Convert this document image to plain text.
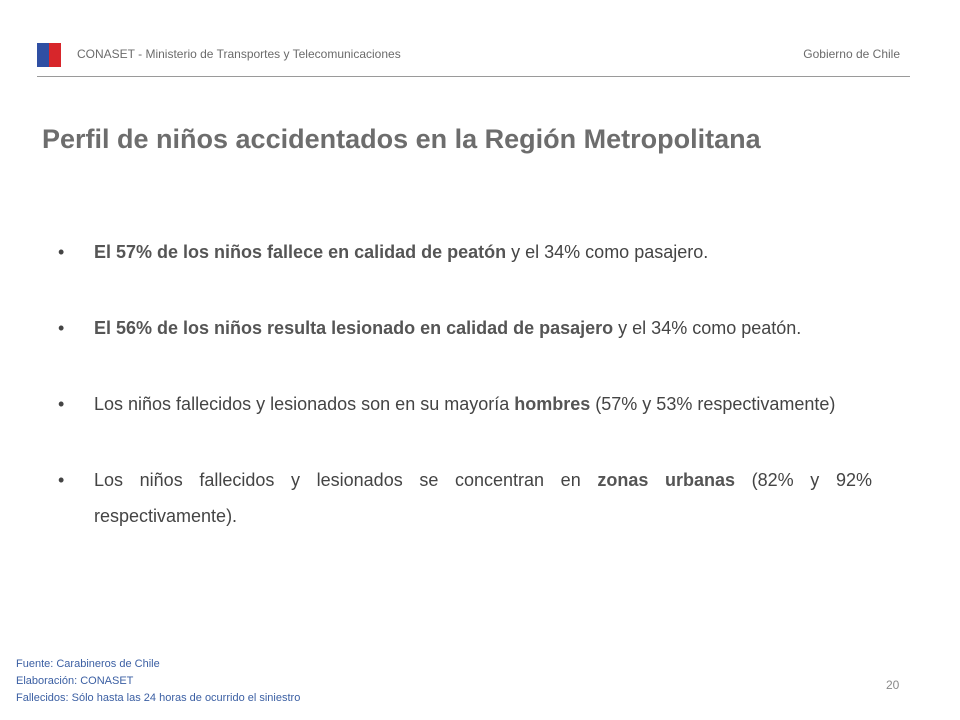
CONASET - Ministerio de Transportes y Telecomunicaciones	Gobierno de Chile
Perfil de niños accidentados en la Región Metropolitana
• El 57% de los niños fallece en calidad de peatón y el 34% como pasajero.
• El 56% de los niños resulta lesionado en calidad de pasajero y el 34% como peatón.
• Los niños fallecidos y lesionados son en su mayoría hombres (57% y 53% respectivamente)
• Los niños fallecidos y lesionados se concentran en zonas urbanas (82% y 92% respectivamente).
Fuente: Carabineros de Chile
Elaboración: CONASET
Fallecidos: Sólo hasta las 24 horas de ocurrido el siniestro
20
